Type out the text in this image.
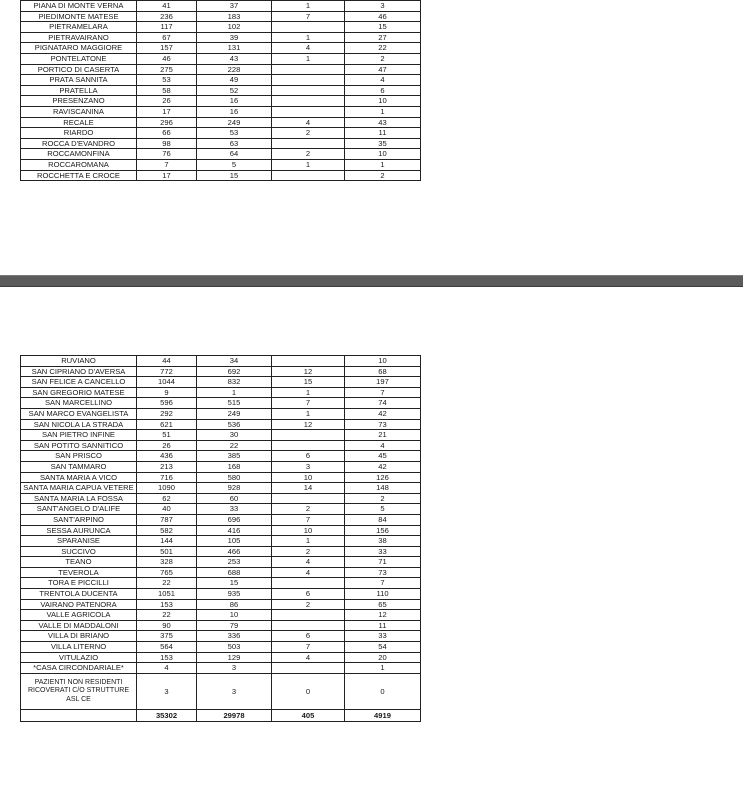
PIANA DI MONTE VERNA	41	37	1	3
PIEDIMONTE MATESE	236	183	7	46
PIETRAMELARA	117	102		15
PIETRAVAIRANO	67	39	1	27
PIGNATARO MAGGIORE	157	131	4	22
PONTELATONE	46	43	1	2
PORTICO DI CASERTA	275	228		47
PRATA SANNITA	53	49		4
PRATELLA	58	52		6
PRESENZANO	26	16		10
RAVISCANINA	17	16		1
RECALE	296	249	4	43
RIARDO	66	53	2	11
ROCCA D'EVANDRO	98	63		35
ROCCAMONFINA	76	64	2	10
ROCCAROMANA	7	5	1	1
ROCCHETTA E CROCE	17	15		2
RUVIANO	44	34		10
SAN CIPRIANO D'AVERSA	772	692	12	68
SAN FELICE A CANCELLO	1044	832	15	197
SAN GREGORIO MATESE	9	1	1	7
SAN MARCELLINO	596	515	7	74
SAN MARCO EVANGELISTA	292	249	1	42
SAN NICOLA LA STRADA	621	536	12	73
SAN PIETRO INFINE	51	30		21
SAN POTITO SANNITICO	26	22		4
SAN PRISCO	436	385	6	45
SAN TAMMARO	213	168	3	42
SANTA MARIA A VICO	716	580	10	126
SANTA MARIA CAPUA VETERE	1090	928	14	148
SANTA MARIA LA FOSSA	62	60		2
SANT'ANGELO D'ALIFE	40	33	2	5
SANT'ARPINO	787	696	7	84
SESSA AURUNCA	582	416	10	156
SPARANISE	144	105	1	38
SUCCIVO	501	466	2	33
TEANO	328	253	4	71
TEVEROLA	765	688	4	73
TORA E PICCILLI	22	15		7
TRENTOLA DUCENTA	1051	935	6	110
VAIRANO PATENORA	153	86	2	65
VALLE AGRICOLA	22	10		12
VALLE DI MADDALONI	90	79		11
VILLA DI BRIANO	375	336	6	33
VILLA LITERNO	564	503	7	54
VITULAZIO	153	129	4	20
*CASA CIRCONDARIALE*	4	3		1
PAZIENTI NON RESIDENTI RICOVERATI C/O STRUTTURE ASL CE	3	3	0	0
	35302	29978	405	4919
